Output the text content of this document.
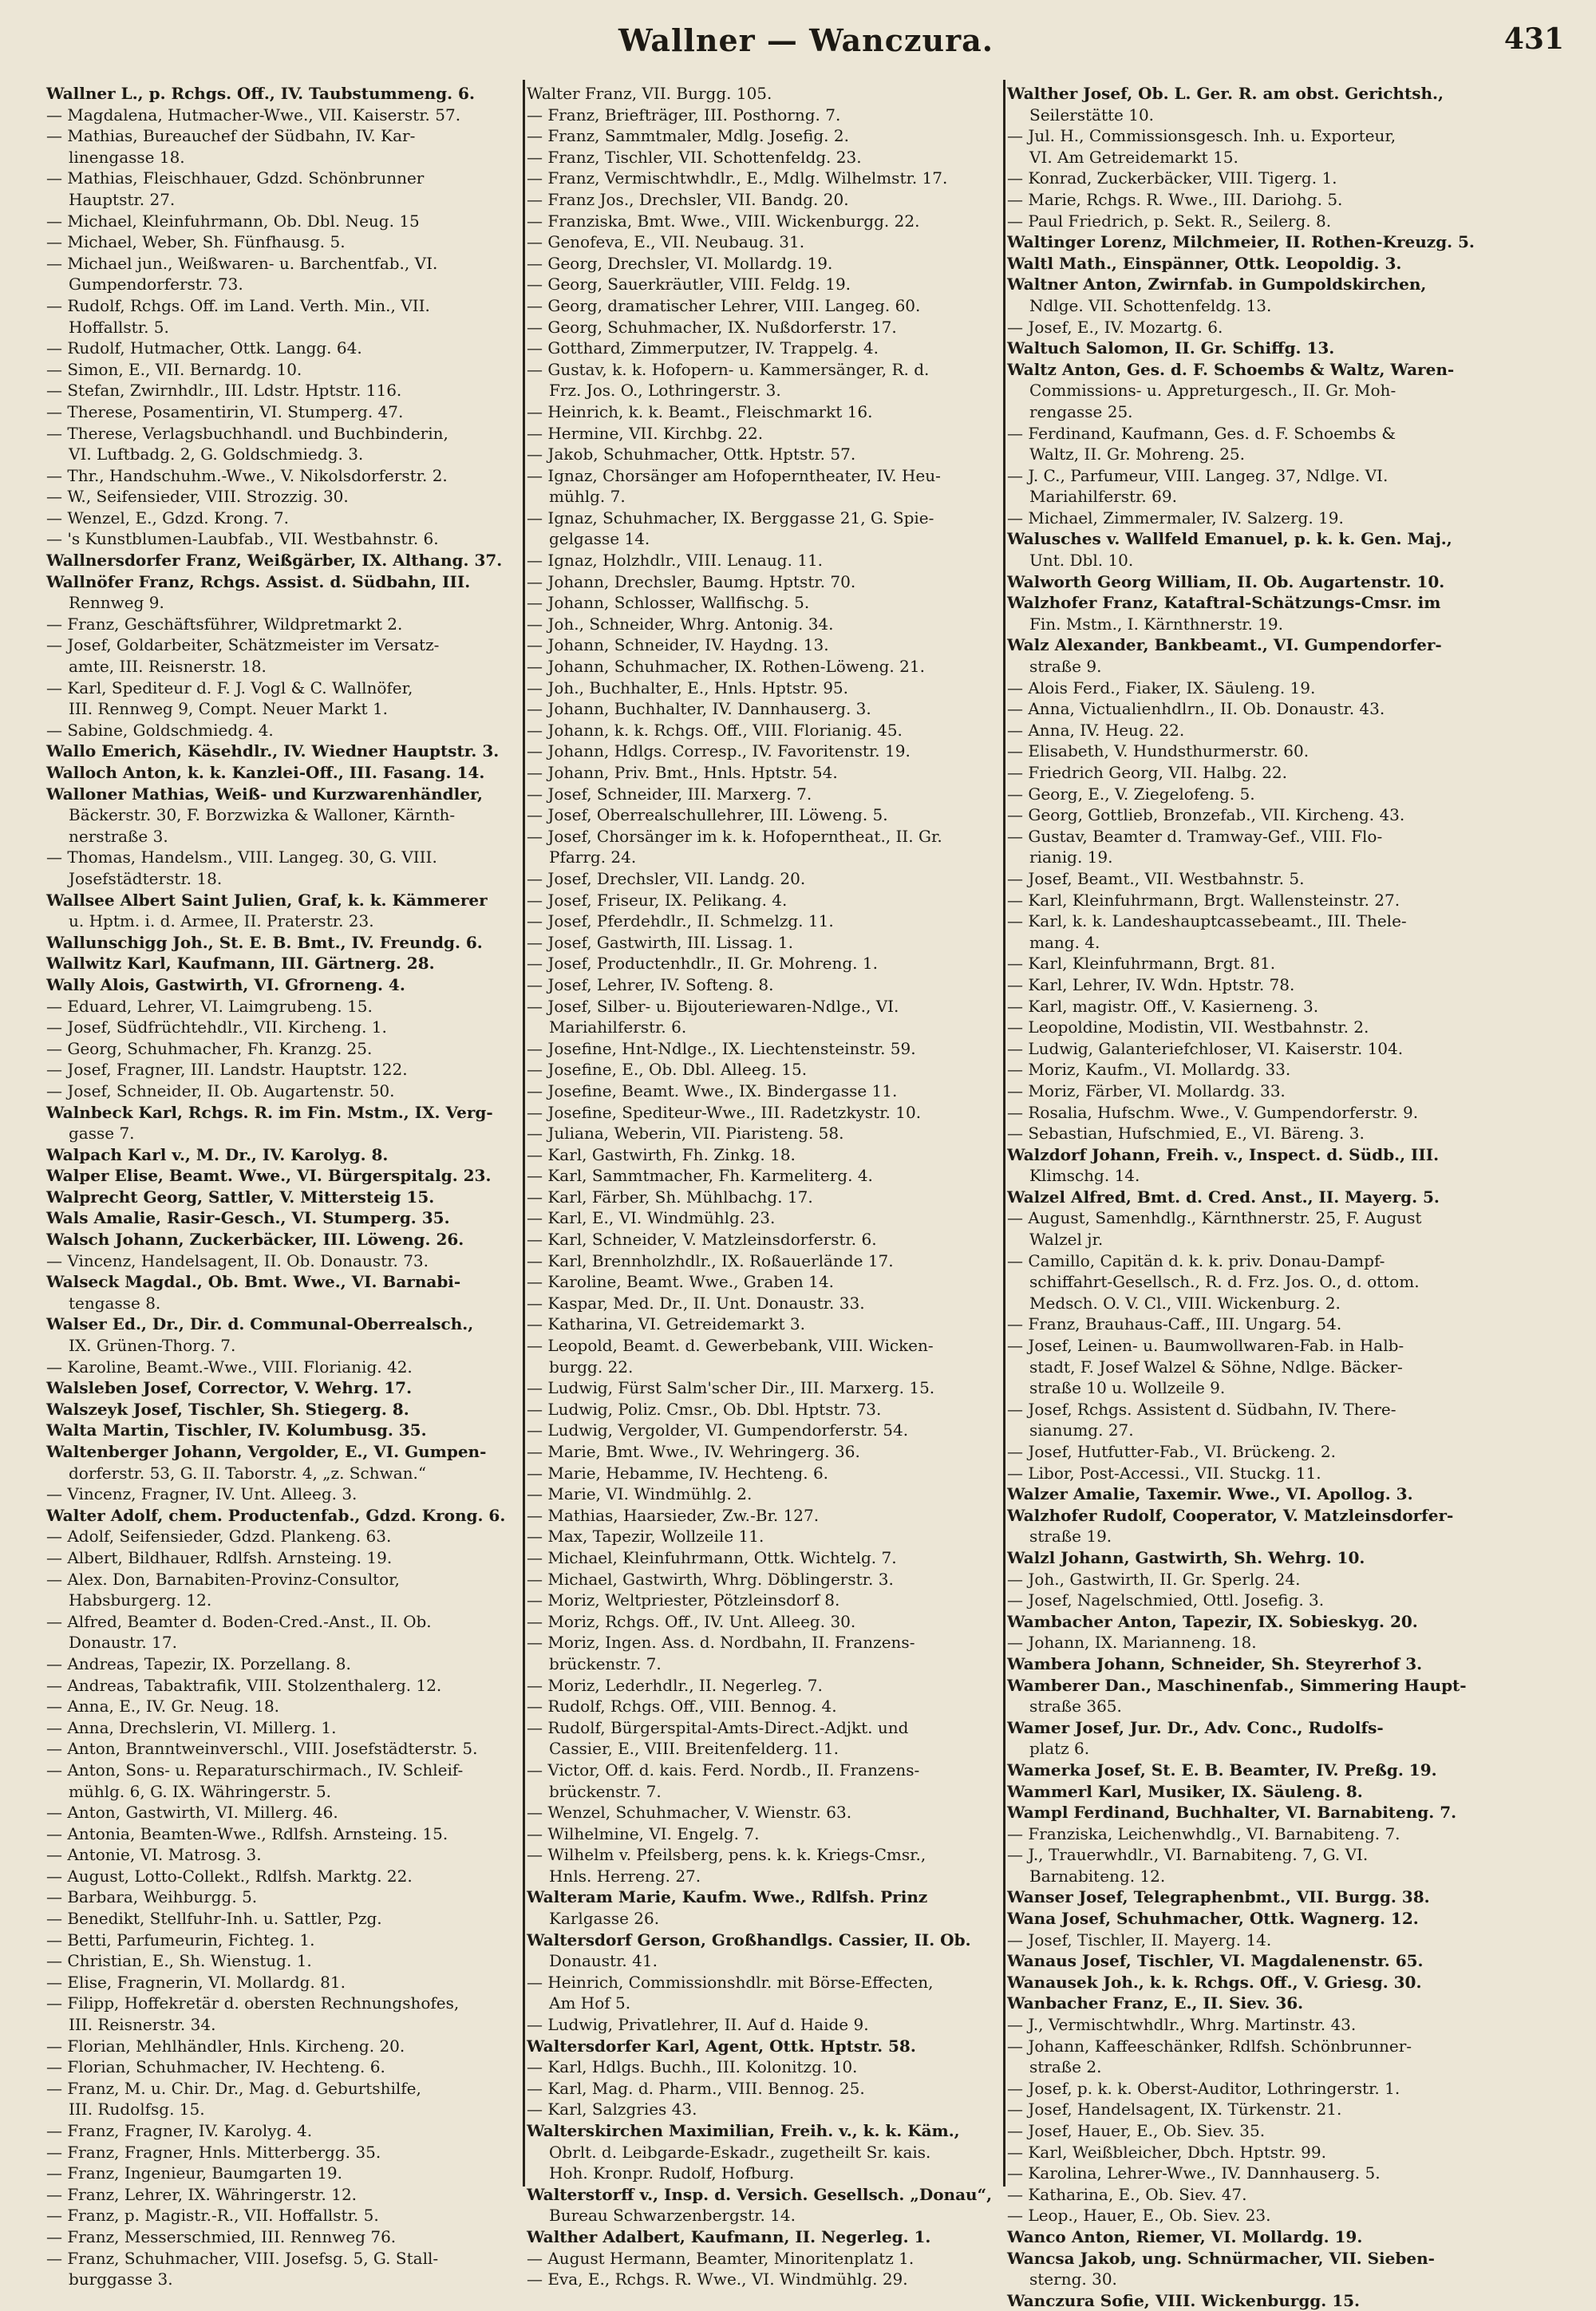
Wallner — Wanczura.	431
Wallner L., p. Rchgs. Off., IV. Taubstummeng. 6.
— Magdalena, Hutmacher-Wwe., VII. Kaiserstr. 57.
— Mathias, Bureauchef der Südbahn, IV. Kar-
linengasse 18.
— Mathias, Fleischhauer, Gdzd. Schönbrunner
Hauptstr. 27.
— Michael, Kleinfuhrmann, Ob. Dbl. Neug. 15
— Michael, Weber, Sh. Fünfhausg. 5.
— Michael jun., Weißwaren- u. Barchentfab., VI.
Gumpendorferstr. 73.
— Rudolf, Rchgs. Off. im Land. Verth. Min., VII.
Hoffallstr. 5.
— Rudolf, Hutmacher, Ottk. Langg. 64.
— Simon, E., VII. Bernardg. 10.
— Stefan, Zwirnhdlr., III. Ldstr. Hptstr. 116.
— Therese, Posamentirin, VI. Stumperg. 47.
— Therese, Verlagsbuchhandl. und Buchbinderin,
VI. Luftbadg. 2, G. Goldschmiedg. 3.
— Thr., Handschuhm.-Wwe., V. Nikolsdorferstr. 2.
— W., Seifensieder, VIII. Strozzig. 30.
— Wenzel, E., Gdzd. Krong. 7.
— 's Kunstblumen-Laubfab., VII. Westbahnstr. 6.
Wallnersdorfer Franz, Weißgärber, IX. Althang. 37.
Wallnöfer Franz, Rchgs. Assist. d. Südbahn, III.
Rennweg 9.
— Franz, Geschäftsführer, Wildpretmarkt 2.
— Josef, Goldarbeiter, Schätzmeister im Versatz-
amte, III. Reisnerstr. 18.
— Karl, Spediteur d. F. J. Vogl & C. Wallnöfer,
III. Rennweg 9, Compt. Neuer Markt 1.
— Sabine, Goldschmiedg. 4.
Wallo Emerich, Käsehdlr., IV. Wiedner Hauptstr. 3.
Walloch Anton, k. k. Kanzlei-Off., III. Fasang. 14.
Walloner Mathias, Weiß- und Kurzwarenhändler,
Bäckerstr. 30, F. Borzwizka & Walloner, Kärnth-
nerstraße 3.
— Thomas, Handelsm., VIII. Langeg. 30, G. VIII.
Josefstädterstr. 18.
Wallsee Albert Saint Julien, Graf, k. k. Kämmerer
u. Hptm. i. d. Armee, II. Praterstr. 23.
Wallunschigg Joh., St. E. B. Bmt., IV. Freundg. 6.
Wallwitz Karl, Kaufmann, III. Gärtnerg. 28.
Wally Alois, Gastwirth, VI. Gfrorneng. 4.
— Eduard, Lehrer, VI. Laimgrubeng. 15.
— Josef, Südfrüchtehdlr., VII. Kircheng. 1.
— Georg, Schuhmacher, Fh. Kranzg. 25.
— Josef, Fragner, III. Landstr. Hauptstr. 122.
— Josef, Schneider, II. Ob. Augartenstr. 50.
Walnbeck Karl, Rchgs. R. im Fin. Mstm., IX. Verg-
gasse 7.
Walpach Karl v., M. Dr., IV. Karolyg. 8.
Walper Elise, Beamt. Wwe., VI. Bürgerspitalg. 23.
Walprecht Georg, Sattler, V. Mittersteig 15.
Wals Amalie, Rasir-Gesch., VI. Stumperg. 35.
Walsch Johann, Zuckerbäcker, III. Löweng. 26.
— Vincenz, Handelsagent, II. Ob. Donaustr. 73.
Walseck Magdal., Ob. Bmt. Wwe., VI. Barnabi-
tengasse 8.
Walser Ed., Dr., Dir. d. Communal-Oberrealsch.,
IX. Grünen-Thorg. 7.
— Karoline, Beamt.-Wwe., VIII. Florianig. 42.
Walsleben Josef, Corrector, V. Wehrg. 17.
Walszeyk Josef, Tischler, Sh. Stiegerg. 8.
Walta Martin, Tischler, IV. Kolumbusg. 35.
Waltenberger Johann, Vergolder, E., VI. Gumpen-
dorferstr. 53, G. II. Taborstr. 4, „z. Schwan.“
— Vincenz, Fragner, IV. Unt. Alleeg. 3.
Walter Adolf, chem. Productenfab., Gdzd. Krong. 6.
— Adolf, Seifensieder, Gdzd. Plankeng. 63.
— Albert, Bildhauer, Rdlfsh. Arnsteing. 19.
— Alex. Don, Barnabiten-Provinz-Consultor,
Habsburgerg. 12.
— Alfred, Beamter d. Boden-Cred.-Anst., II. Ob.
Donaustr. 17.
— Andreas, Tapezir, IX. Porzellang. 8.
— Andreas, Tabaktrafik, VIII. Stolzenthalerg. 12.
— Anna, E., IV. Gr. Neug. 18.
— Anna, Drechslerin, VI. Millerg. 1.
— Anton, Branntweinverschl., VIII. Josefstädterstr. 5.
— Anton, Sons- u. Reparaturschirmach., IV. Schleif-
mühlg. 6, G. IX. Währingerstr. 5.
— Anton, Gastwirth, VI. Millerg. 46.
— Antonia, Beamten-Wwe., Rdlfsh. Arnsteing. 15.
— Antonie, VI. Matrosg. 3.
— August, Lotto-Collekt., Rdlfsh. Marktg. 22.
— Barbara, Weihburgg. 5.
— Benedikt, Stellfuhr-Inh. u. Sattler, Pzg.
— Betti, Parfumeurin, Fichteg. 1.
— Christian, E., Sh. Wienstug. 1.
— Elise, Fragnerin, VI. Mollardg. 81.
— Filipp, Hoffekretär d. obersten Rechnungshofes,
III. Reisnerstr. 34.
— Florian, Mehlhändler, Hnls. Kircheng. 20.
— Florian, Schuhmacher, IV. Hechteng. 6.
— Franz, M. u. Chir. Dr., Mag. d. Geburtshilfe,
III. Rudolfsg. 15.
— Franz, Fragner, IV. Karolyg. 4.
— Franz, Fragner, Hnls. Mitterbergg. 35.
— Franz, Ingenieur, Baumgarten 19.
— Franz, Lehrer, IX. Währingerstr. 12.
— Franz, p. Magistr.-R., VII. Hoffallstr. 5.
— Franz, Messerschmied, III. Rennweg 76.
— Franz, Schuhmacher, VIII. Josefsg. 5, G. Stall-
burggasse 3.
Walter Franz, VII. Burgg. 105.
— Franz, Briefträger, III. Posthorng. 7.
— Franz, Sammtmaler, Mdlg. Josefig. 2.
— Franz, Tischler, VII. Schottenfeldg. 23.
— Franz, Vermischtwhdlr., E., Mdlg. Wilhelmstr. 17.
— Franz Jos., Drechsler, VII. Bandg. 20.
— Franziska, Bmt. Wwe., VIII. Wickenburgg. 22.
— Genofeva, E., VII. Neubaug. 31.
— Georg, Drechsler, VI. Mollardg. 19.
— Georg, Sauerkräutler, VIII. Feldg. 19.
— Georg, dramatischer Lehrer, VIII. Langeg. 60.
— Georg, Schuhmacher, IX. Nußdorferstr. 17.
— Gotthard, Zimmerputzer, IV. Trappelg. 4.
— Gustav, k. k. Hofopern- u. Kammersänger, R. d.
Frz. Jos. O., Lothringerstr. 3.
— Heinrich, k. k. Beamt., Fleischmarkt 16.
— Hermine, VII. Kirchbg. 22.
— Jakob, Schuhmacher, Ottk. Hptstr. 57.
— Ignaz, Chorsänger am Hofoperntheater, IV. Heu-
mühlg. 7.
— Ignaz, Schuhmacher, IX. Berggasse 21, G. Spie-
gelgasse 14.
— Ignaz, Holzhdlr., VIII. Lenaug. 11.
— Johann, Drechsler, Baumg. Hptstr. 70.
— Johann, Schlosser, Wallfischg. 5.
— Joh., Schneider, Whrg. Antonig. 34.
— Johann, Schneider, IV. Haydng. 13.
— Johann, Schuhmacher, IX. Rothen-Löweng. 21.
— Joh., Buchhalter, E., Hnls. Hptstr. 95.
— Johann, Buchhalter, IV. Dannhauserg. 3.
— Johann, k. k. Rchgs. Off., VIII. Florianig. 45.
— Johann, Hdlgs. Corresp., IV. Favoritenstr. 19.
— Johann, Priv. Bmt., Hnls. Hptstr. 54.
— Josef, Schneider, III. Marxerg. 7.
— Josef, Oberrealschullehrer, III. Löweng. 5.
— Josef, Chorsänger im k. k. Hofoperntheat., II. Gr.
Pfarrg. 24.
— Josef, Drechsler, VII. Landg. 20.
— Josef, Friseur, IX. Pelikang. 4.
— Josef, Pferdehdlr., II. Schmelzg. 11.
— Josef, Gastwirth, III. Lissag. 1.
— Josef, Productenhdlr., II. Gr. Mohreng. 1.
— Josef, Lehrer, IV. Softeng. 8.
— Josef, Silber- u. Bijouteriewaren-Ndlge., VI.
Mariahilferstr. 6.
— Josefine, Hnt-Ndlge., IX. Liechtensteinstr. 59.
— Josefine, E., Ob. Dbl. Alleeg. 15.
— Josefine, Beamt. Wwe., IX. Bindergasse 11.
— Josefine, Spediteur-Wwe., III. Radetzkystr. 10.
— Juliana, Weberin, VII. Piaristeng. 58.
— Karl, Gastwirth, Fh. Zinkg. 18.
— Karl, Sammtmacher, Fh. Karmeliterg. 4.
— Karl, Färber, Sh. Mühlbachg. 17.
— Karl, E., VI. Windmühlg. 23.
— Karl, Schneider, V. Matzleinsdorferstr. 6.
— Karl, Brennholzhdlr., IX. Roßauerlände 17.
— Karoline, Beamt. Wwe., Graben 14.
— Kaspar, Med. Dr., II. Unt. Donaustr. 33.
— Katharina, VI. Getreidemarkt 3.
— Leopold, Beamt. d. Gewerbebank, VIII. Wicken-
burgg. 22.
— Ludwig, Fürst Salm'scher Dir., III. Marxerg. 15.
— Ludwig, Poliz. Cmsr., Ob. Dbl. Hptstr. 73.
— Ludwig, Vergolder, VI. Gumpendorferstr. 54.
— Marie, Bmt. Wwe., IV. Wehringerg. 36.
— Marie, Hebamme, IV. Hechteng. 6.
— Marie, VI. Windmühlg. 2.
— Mathias, Haarsieder, Zw.-Br. 127.
— Max, Tapezir, Wollzeile 11.
— Michael, Kleinfuhrmann, Ottk. Wichtelg. 7.
— Michael, Gastwirth, Whrg. Döblingerstr. 3.
— Moriz, Weltpriester, Pötzleinsdorf 8.
— Moriz, Rchgs. Off., IV. Unt. Alleeg. 30.
— Moriz, Ingen. Ass. d. Nordbahn, II. Franzens-
brückenstr. 7.
— Moriz, Lederhdlr., II. Negerleg. 7.
— Rudolf, Rchgs. Off., VIII. Bennog. 4.
— Rudolf, Bürgerspital-Amts-Direct.-Adjkt. und
Cassier, E., VIII. Breitenfelderg. 11.
— Victor, Off. d. kais. Ferd. Nordb., II. Franzens-
brückenstr. 7.
— Wenzel, Schuhmacher, V. Wienstr. 63.
— Wilhelmine, VI. Engelg. 7.
— Wilhelm v. Pfeilsberg, pens. k. k. Kriegs-Cmsr.,
Hnls. Herreng. 27.
Walteram Marie, Kaufm. Wwe., Rdlfsh. Prinz
Karlgasse 26.
Waltersdorf Gerson, Großhandlgs. Cassier, II. Ob.
Donaustr. 41.
— Heinrich, Commissionshdlr. mit Börse-Effecten,
Am Hof 5.
— Ludwig, Privatlehrer, II. Auf d. Haide 9.
Waltersdorfer Karl, Agent, Ottk. Hptstr. 58.
— Karl, Hdlgs. Buchh., III. Kolonitzg. 10.
— Karl, Mag. d. Pharm., VIII. Bennog. 25.
— Karl, Salzgries 43.
Walterskirchen Maximilian, Freih. v., k. k. Käm.,
Obrlt. d. Leibgarde-Eskadr., zugetheilt Sr. kais.
Hoh. Kronpr. Rudolf, Hofburg.
Walterstorff v., Insp. d. Versich. Gesellsch. „Donau“,
Bureau Schwarzenbergstr. 14.
Walther Adalbert, Kaufmann, II. Negerleg. 1.
— August Hermann, Beamter, Minoritenplatz 1.
— Eva, E., Rchgs. R. Wwe., VI. Windmühlg. 29.
Walther Josef, Ob. L. Ger. R. am obst. Gerichtsh.,
Seilerstätte 10.
— Jul. H., Commissionsgesch. Inh. u. Exporteur,
VI. Am Getreidemarkt 15.
— Konrad, Zuckerbäcker, VIII. Tigerg. 1.
— Marie, Rchgs. R. Wwe., III. Dariohg. 5.
— Paul Friedrich, p. Sekt. R., Seilerg. 8.
Waltinger Lorenz, Milchmeier, II. Rothen-Kreuzg. 5.
Waltl Math., Einspänner, Ottk. Leopoldig. 3.
Waltner Anton, Zwirnfab. in Gumpoldskirchen,
Ndlge. VII. Schottenfeldg. 13.
— Josef, E., IV. Mozartg. 6.
Waltuch Salomon, II. Gr. Schiffg. 13.
Waltz Anton, Ges. d. F. Schoembs & Waltz, Waren-
Commissions- u. Appreturgesch., II. Gr. Moh-
rengasse 25.
— Ferdinand, Kaufmann, Ges. d. F. Schoembs &
Waltz, II. Gr. Mohreng. 25.
— J. C., Parfumeur, VIII. Langeg. 37, Ndlge. VI.
Mariahilferstr. 69.
— Michael, Zimmermaler, IV. Salzerg. 19.
Walusches v. Wallfeld Emanuel, p. k. k. Gen. Maj.,
Unt. Dbl. 10.
Walworth Georg William, II. Ob. Augartenstr. 10.
Walzhofer Franz, Kataftral-Schätzungs-Cmsr. im
Fin. Mstm., I. Kärnthnerstr. 19.
Walz Alexander, Bankbeamt., VI. Gumpendorfer-
straße 9.
— Alois Ferd., Fiaker, IX. Säuleng. 19.
— Anna, Victualienhdlrn., II. Ob. Donaustr. 43.
— Anna, IV. Heug. 22.
— Elisabeth, V. Hundsthurmerstr. 60.
— Friedrich Georg, VII. Halbg. 22.
— Georg, E., V. Ziegelofeng. 5.
— Georg, Gottlieb, Bronzefab., VII. Kircheng. 43.
— Gustav, Beamter d. Tramway-Gef., VIII. Flo-
rianig. 19.
— Josef, Beamt., VII. Westbahnstr. 5.
— Karl, Kleinfuhrmann, Brgt. Wallensteinstr. 27.
— Karl, k. k. Landeshauptcassebeamt., III. Thele-
mang. 4.
— Karl, Kleinfuhrmann, Brgt. 81.
— Karl, Lehrer, IV. Wdn. Hptstr. 78.
— Karl, magistr. Off., V. Kasierneng. 3.
— Leopoldine, Modistin, VII. Westbahnstr. 2.
— Ludwig, Galanteriefchloser, VI. Kaiserstr. 104.
— Moriz, Kaufm., VI. Mollardg. 33.
— Moriz, Färber, VI. Mollardg. 33.
— Rosalia, Hufschm. Wwe., V. Gumpendorferstr. 9.
— Sebastian, Hufschmied, E., VI. Bäreng. 3.
Walzdorf Johann, Freih. v., Inspect. d. Südb., III.
Klimschg. 14.
Walzel Alfred, Bmt. d. Cred. Anst., II. Mayerg. 5.
— August, Samenhdlg., Kärnthnerstr. 25, F. August
Walzel jr.
— Camillo, Capitän d. k. k. priv. Donau-Dampf-
schiffahrt-Gesellsch., R. d. Frz. Jos. O., d. ottom.
Medsch. O. V. Cl., VIII. Wickenburg. 2.
— Franz, Brauhaus-Caff., III. Ungarg. 54.
— Josef, Leinen- u. Baumwollwaren-Fab. in Halb-
stadt, F. Josef Walzel & Söhne, Ndlge. Bäcker-
straße 10 u. Wollzeile 9.
— Josef, Rchgs. Assistent d. Südbahn, IV. There-
sianumg. 27.
— Josef, Hutfutter-Fab., VI. Brückeng. 2.
— Libor, Post-Accessi., VII. Stuckg. 11.
Walzer Amalie, Taxemir. Wwe., VI. Apollog. 3.
Walzhofer Rudolf, Cooperator, V. Matzleinsdorfer-
straße 19.
Walzl Johann, Gastwirth, Sh. Wehrg. 10.
— Joh., Gastwirth, II. Gr. Sperlg. 24.
— Josef, Nagelschmied, Ottl. Josefig. 3.
Wambacher Anton, Tapezir, IX. Sobieskyg. 20.
— Johann, IX. Marianneng. 18.
Wambera Johann, Schneider, Sh. Steyrerhof 3.
Wamberer Dan., Maschinenfab., Simmering Haupt-
straße 365.
Wamer Josef, Jur. Dr., Adv. Conc., Rudolfs-
platz 6.
Wamerka Josef, St. E. B. Beamter, IV. Preßg. 19.
Wammerl Karl, Musiker, IX. Säuleng. 8.
Wampl Ferdinand, Buchhalter, VI. Barnabiteng. 7.
— Franziska, Leichenwhdlg., VI. Barnabiteng. 7.
— J., Trauerwhdlr., VI. Barnabiteng. 7, G. VI.
Barnabiteng. 12.
Wanser Josef, Telegraphenbmt., VII. Burgg. 38.
Wana Josef, Schuhmacher, Ottk. Wagnerg. 12.
— Josef, Tischler, II. Mayerg. 14.
Wanaus Josef, Tischler, VI. Magdalenenstr. 65.
Wanausek Joh., k. k. Rchgs. Off., V. Griesg. 30.
Wanbacher Franz, E., II. Siev. 36.
— J., Vermischtwhdlr., Whrg. Martinstr. 43.
— Johann, Kaffeeschänker, Rdlfsh. Schönbrunner-
straße 2.
— Josef, p. k. k. Oberst-Auditor, Lothringerstr. 1.
— Josef, Handelsagent, IX. Türkenstr. 21.
— Josef, Hauer, E., Ob. Siev. 35.
— Karl, Weißbleicher, Dbch. Hptstr. 99.
— Karolina, Lehrer-Wwe., IV. Dannhauserg. 5.
— Katharina, E., Ob. Siev. 47.
— Leop., Hauer, E., Ob. Siev. 23.
Wanco Anton, Riemer, VI. Mollardg. 19.
Wancsa Jakob, ung. Schnürmacher, VII. Sieben-
sterng. 30.
Wanczura Sofie, VIII. Wickenburgg. 15.
